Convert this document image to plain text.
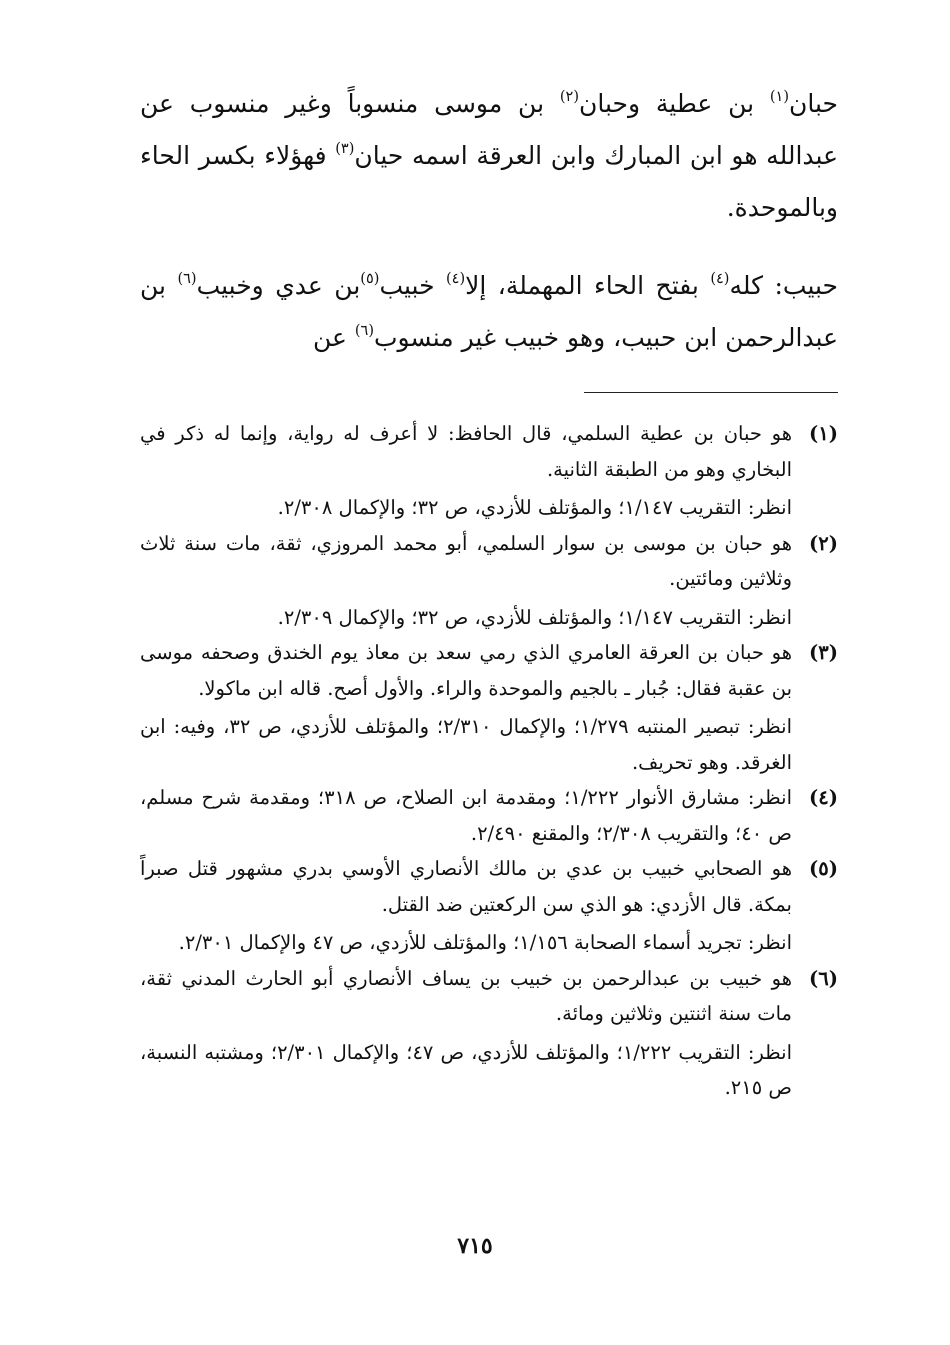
حبان$^{(١)}$ بن عطية وحبان$^{(٢)}$ بن موسى منسوباً وغير منسوب عن عبدالله هو ابن المبارك وابن العرقة اسمه حيان$^{(٣)}$ فهؤلاء بكسر الحاء وبالموحدة.

حبيب: كله$^{(٤)}$ بفتح الحاء المهملة، إلا$^{(٤)}$ خبيب$^{(٥)}$بن عدي وخبيب$^{(٦)}$ بن عبدالرحمن ابن حبيب، وهو خبيب غير منسوب$^{(٦)}$ عن

(١)

هو حبان بن عطية السلمي، قال الحافظ: لا أعرف له رواية، وإنما له ذكر في البخاري وهو من الطبقة الثانية.

انظر: التقريب ١/١٤٧؛ والمؤتلف للأزدي، ص ٣٢؛ والإكمال ٢/٣٠٨.

(٢)

هو حبان بن موسى بن سوار السلمي، أبو محمد المروزي، ثقة، مات سنة ثلاث وثلاثين ومائتين.

انظر: التقريب ١/١٤٧؛ والمؤتلف للأزدي، ص ٣٢؛ والإكمال ٢/٣٠٩.

(٣)

هو حبان بن العرقة العامري الذي رمي سعد بن معاذ يوم الخندق وصحفه موسى بن عقبة فقال: جُبار ـ بالجيم والموحدة والراء. والأول أصح. قاله ابن ماكولا.

انظر: تبصير المنتبه ١/٢٧٩؛ والإكمال ٢/٣١٠؛ والمؤتلف للأزدي، ص ٣٢، وفيه: ابن الغرقد. وهو تحريف.

(٤)

انظر: مشارق الأنوار ١/٢٢٢؛ ومقدمة ابن الصلاح، ص ٣١٨؛ ومقدمة شرح مسلم، ص ٤٠؛ والتقريب ٢/٣٠٨؛ والمقنع ٢/٤٩٠.

(٥)

هو الصحابي خبيب بن عدي بن مالك الأنصاري الأوسي بدري مشهور قتل صبراً بمكة. قال الأزدي: هو الذي سن الركعتين ضد القتل.

انظر: تجريد أسماء الصحابة ١/١٥٦؛ والمؤتلف للأزدي، ص ٤٧ والإكمال ٢/٣٠١.

(٦)

هو خبيب بن عبدالرحمن بن خبيب بن يساف الأنصاري أبو الحارث المدني ثقة، مات سنة اثنتين وثلاثين ومائة.

انظر: التقريب ١/٢٢٢؛ والمؤتلف للأزدي، ص ٤٧؛ والإكمال ٢/٣٠١؛ ومشتبه النسبة، ص ٢١٥.

٧١٥
